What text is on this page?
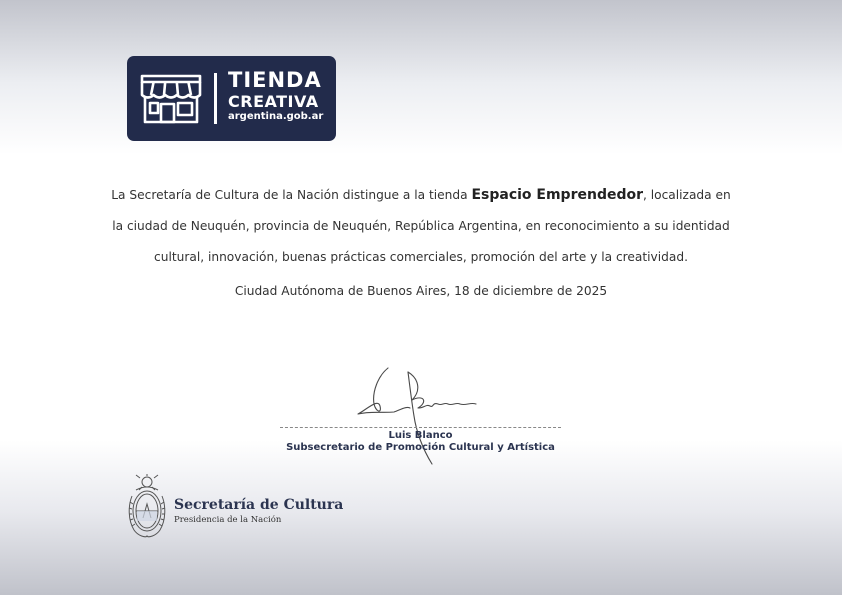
TIENDA
CREATIVA
argentina.gob.ar
La Secretaría de Cultura de la Nación distingue a la tienda Espacio Emprendedor, localizada en la ciudad de Neuquén, provincia de Neuquén, República Argentina, en reconocimiento a su identidad cultural, innovación, buenas prácticas comerciales, promoción del arte y la creatividad.
Ciudad Autónoma de Buenos Aires, 18 de diciembre de 2025
Luis Blanco
Subsecretario de Promoción Cultural y Artística
Secretaría de Cultura
Presidencia de la Nación
